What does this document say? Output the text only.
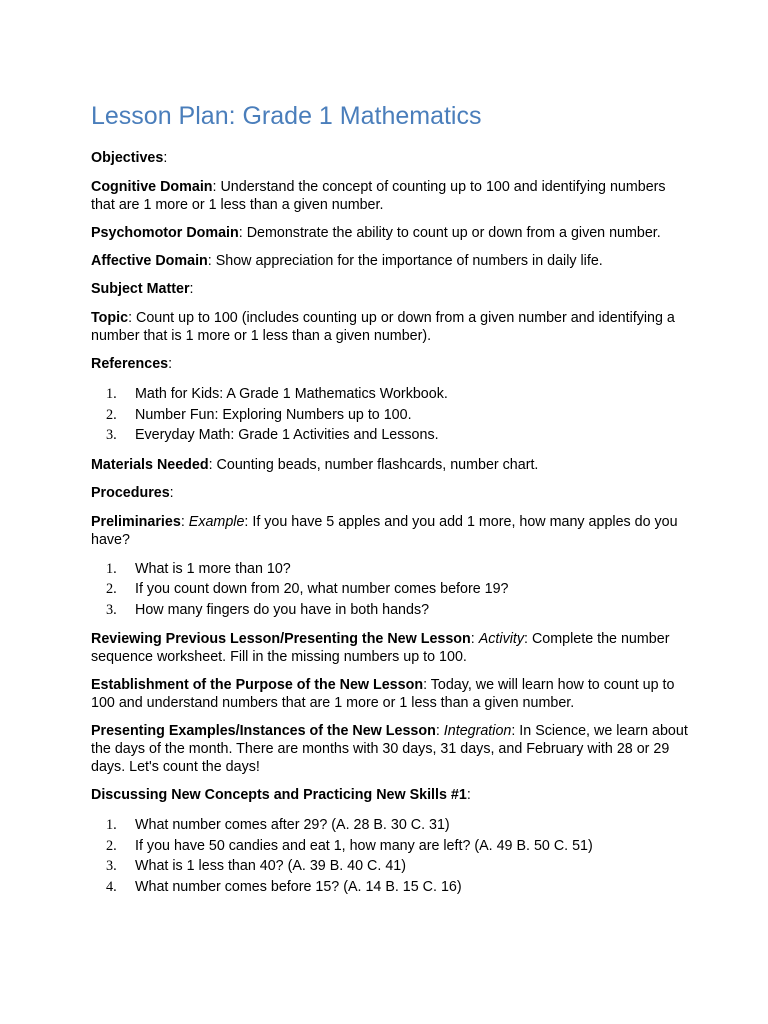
Lesson Plan: Grade 1 Mathematics

Objectives:

Cognitive Domain: Understand the concept of counting up to 100 and identifying numbers that are 1 more or 1 less than a given number.

Psychomotor Domain: Demonstrate the ability to count up or down from a given number.

Affective Domain: Show appreciation for the importance of numbers in daily life.

Subject Matter:

Topic: Count up to 100 (includes counting up or down from a given number and identifying a number that is 1 more or 1 less than a given number).

References:

1. Math for Kids: A Grade 1 Mathematics Workbook.
2. Number Fun: Exploring Numbers up to 100.
3. Everyday Math: Grade 1 Activities and Lessons.

Materials Needed: Counting beads, number flashcards, number chart.

Procedures:

Preliminaries: Example: If you have 5 apples and you add 1 more, how many apples do you have?

1. What is 1 more than 10?
2. If you count down from 20, what number comes before 19?
3. How many fingers do you have in both hands?

Reviewing Previous Lesson/Presenting the New Lesson: Activity: Complete the number sequence worksheet. Fill in the missing numbers up to 100.

Establishment of the Purpose of the New Lesson: Today, we will learn how to count up to 100 and understand numbers that are 1 more or 1 less than a given number.

Presenting Examples/Instances of the New Lesson: Integration: In Science, we learn about the days of the month. There are months with 30 days, 31 days, and February with 28 or 29 days. Let's count the days!

Discussing New Concepts and Practicing New Skills #1:

1. What number comes after 29? (A. 28 B. 30 C. 31)
2. If you have 50 candies and eat 1, how many are left? (A. 49 B. 50 C. 51)
3. What is 1 less than 40? (A. 39 B. 40 C. 41)
4. What number comes before 15? (A. 14 B. 15 C. 16)
